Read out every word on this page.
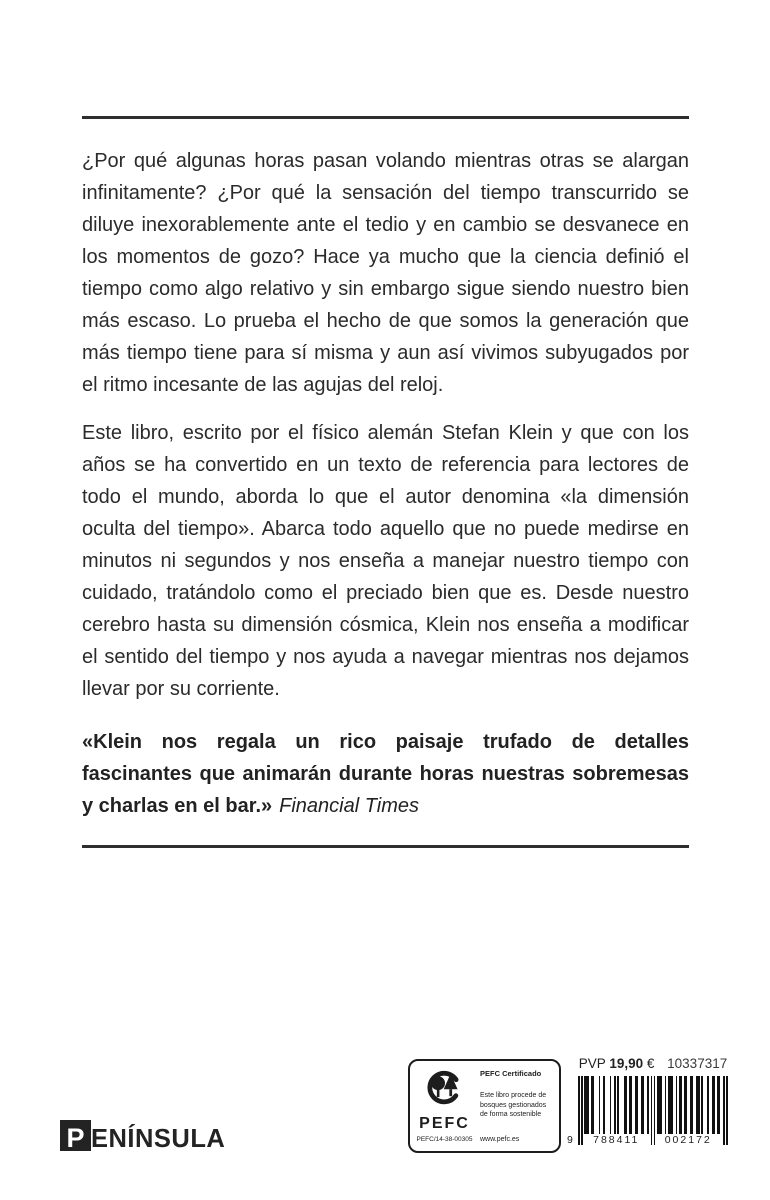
¿Por qué algunas horas pasan volando mientras otras se alargan infinitamente? ¿Por qué la sensación del tiempo transcurrido se diluye inexorablemente ante el tedio y en cambio se desvanece en los momentos de gozo? Hace ya mucho que la ciencia definió el tiempo como algo relativo y sin embargo sigue siendo nuestro bien más escaso. Lo prueba el hecho de que somos la generación que más tiempo tiene para sí misma y aun así vivimos subyugados por el ritmo incesante de las agujas del reloj.

Este libro, escrito por el físico alemán Stefan Klein y que con los años se ha convertido en un texto de referencia para lectores de todo el mundo, aborda lo que el autor denomina «la dimensión oculta del tiempo». Abarca todo aquello que no puede medirse en minutos ni segundos y nos enseña a manejar nuestro tiempo con cuidado, tratándolo como el preciado bien que es. Desde nuestro cerebro hasta su dimensión cósmica, Klein nos enseña a modificar el sentido del tiempo y nos ayuda a navegar mientras nos dejamos llevar por su corriente.

«Klein nos regala un rico paisaje trufado de detalles fascinantes que animarán durante horas nuestras sobremesas y charlas en el bar.» Financial Times

P ENÍNSULA
PEFC
PEFC/14-38-00305
PEFC Certificado
Este libro procede de bosques gestionados de forma sostenible
www.pefc.es
PVP 19,90 € 10337317
9	788411	002172
